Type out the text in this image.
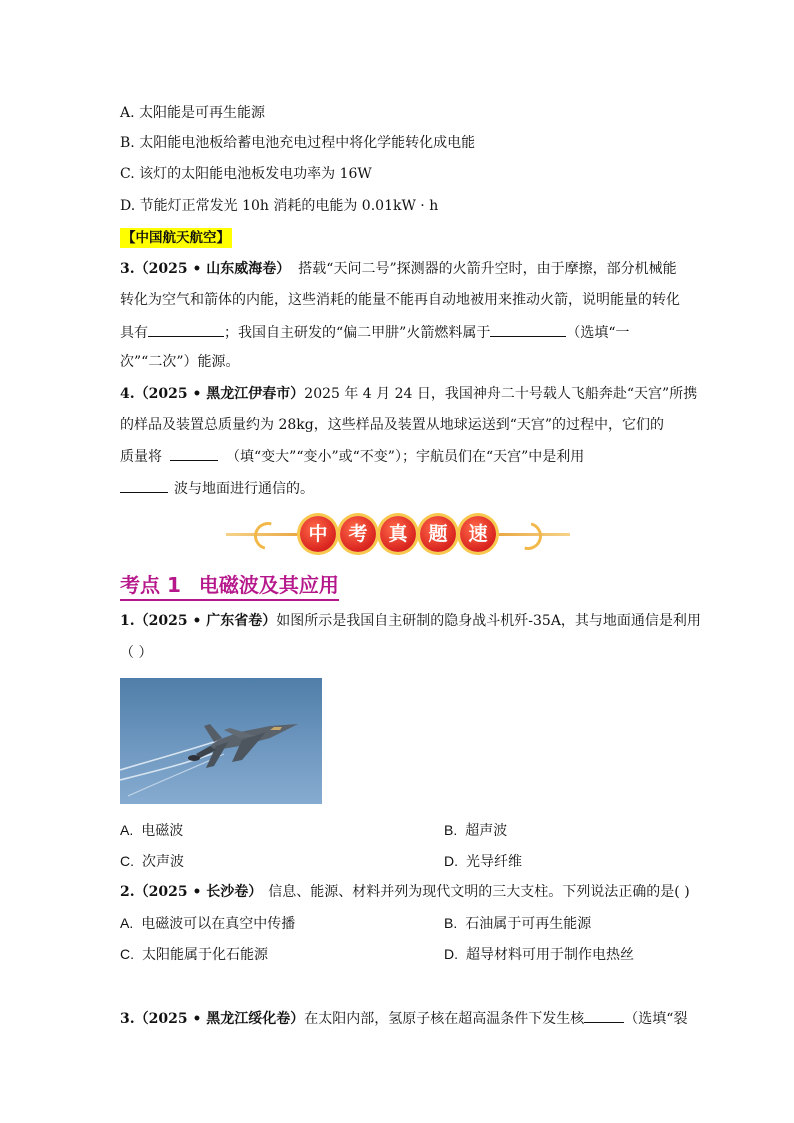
A. 太阳能是可再生能源
B. 太阳能电池板给蓄电池充电过程中将化学能转化成电能
C. 该灯的太阳能电池板发电功率为 16W
D. 节能灯正常发光 10h 消耗的电能为 0.01kW · h
【中国航天航空】
3.（2025 • 山东威海卷） 搭载“天问二号”探测器的火箭升空时，由于摩擦，部分机械能
转化为空气和箭体的内能，这些消耗的能量不能再自动地被用来推动火箭，说明能量的转化
具有	；我国自主研发的“偏二甲肼”火箭燃料属于	（选填“一
次”“二次”）能源。
4.（2025 • 黑龙江伊春市）2025 年 4 月 24 日，我国神舟二十号载人飞船奔赴“天宫”所携
的样品及装置总质量约为 28kg，这些样品及装置从地球运送到“天宫”的过程中，它们的
质量将	（填“变大”“变小”或“不变”）；宇航员们在“天宫”中是利用
波与地面进行通信的。
中	考	真	题	速
考点 1 电磁波及其应用
1.（2025 • 广东省卷）如图所示是我国自主研制的隐身战斗机歼-35A，其与地面通信是利用
（ ）
A. 电磁波	B. 超声波
C. 次声波	D. 光导纤维
2.（2025 • 长沙卷） 信息、能源、材料并列为现代文明的三大支柱。下列说法正确的是( )
A. 电磁波可以在真空中传播	B. 石油属于可再生能源
C. 太阳能属于化石能源	D. 超导材料可用于制作电热丝
3.（2025 • 黑龙江绥化卷）在太阳内部，氢原子核在超高温条件下发生核	（选填“裂
